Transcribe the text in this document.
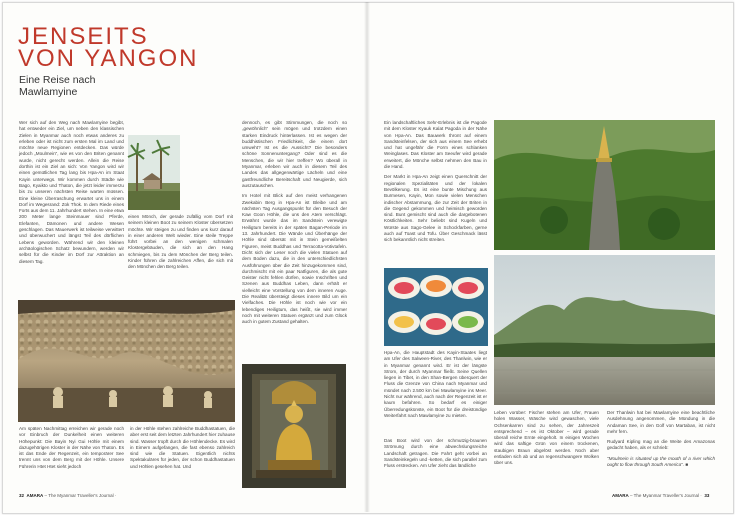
JENSEITS
VON YANGON
Eine Reise nach
Mawlamyine

Wer sich auf den Weg nach Mawlamyine begibt, hat entweder ein Ziel, um neben den klassischen Zielen in Myanmar auch noch etwas anderes zu erleben oder ist nicht zum ersten Mal im Land und möchte neue Regionen entdecken. Das würde jedoch „Moulmein“, wie es von den Briten genannt wurde, nicht gerecht werden. Allein die Reise dorthin ist ein Ziel an sich: Von Yangon wird wir einen gemütlichen Tag lang bis Hpa-An im Staat Kayin unterwegs. Wir kommen durch Städte wie Bago, Kyaikto und Thaton, die jetzt leider immerzu bis zu unseren nächsten Reise warten müssen. Eine kleine Überraschung erwartet uns in einem Dorf im Wegesrand: Zok Thok. In dem Riede eines Forts aus dem 11. Jahrhundert stehen. In eine etwa 200 Meter lange Steinmauer sind Pferde, Elefanten, Dämonen und andere Wesen geschlagen. Das Mauerwerk ist teilweise verwittert und überwuchert und längst Teil des dörflichen Lebens geworden. Während wir den kleinen archäologischen Schatz bewundern, werden wir selbst für die Kinder im Dorf zur Attraktion an diesem Tag.

einen Mönch, der gerade zufällig vom Dorf mit seinem kleinen Boot zu seinem Kloster übersetzen möchte. Wir steigen zu und finden uns kurz darauf in einer anderen Welt wieder. Eine steile Treppe führt vorbei an den wenigen schmalen Klostergebäuden, die sich an den Hang schmiegen, bis zu dem Mönchen der Berg teilen. Kinder führen die zahlreichen Affen, die sich mit den Mönchen den Berg teilen.

Am späten Nachmittag erreichen wir gerade noch vor Einbruch der Dunkelheit einen weiteren Höhepunkt: Die Bayin Nyi Gui Höhle mit einem dazugehörigen Kloster in der Nähe von Thaton. Es ist das Ende der Regenzeit, ein temporärer See trennt uns von dem Berg mit der Höhle. Unsere Führerin Htet Htet sieht jedoch

in der Höhle stehen zahlreiche Buddhastatuen, die aber erst seit dem letzten Jahrhundert hier zuhause sind. Wasser tropft durch die Höhlendecke. Es wird in Eimern aufgefangen, die fast ebenso zahlreich sind wie die Statuen. Eigentlich nichts Spektakuläres für jeden, der schon Buddhastatuen und Höhlen gesehen hat. Und

dennoch, es gibt Stimmungen, die noch so „gewöhnlich“ sein mögen und trotzdem einen starken Eindruck hinterlassen. Ist es wegen der buddhistischen Friedlichkeit, die einem dort umweht? Ist es die Aussicht? Die besonders schöne Sonnenuntergang? Oder sind es die Menschen, die wir hier treffen? Wo überall in Myanmar, erleben wir auch in diesem Teil des Landes das allgegenwärtige Lächeln und eine gastfreundliche Bereitschaft und Neugierde, sich auszutauschen.

Im Hotel mit Blick auf den meist verhangenen Zwekabin Berg in Hpa-An ist Bleibe und am nächsten Tag Ausgangspunkt für den Besuch der Kaw Goon Höhle, die uns den Atem verschlägt. Erwähnt wurde das im Sandstein verewigte Heiligtum bereits in der späten Bagan-Periode im 13. Jahrhundert. Die Wände und Überhänge der Höhle sind übersät mit in Stein gemeißelten Figuren, meist Buddhas und Terracotta-Votivtafeln. Dicht sich der Leser noch die vielen Statuen auf dem Boden dazu, die in den unterschiedlichsten Ausführungen über die Zeit hinzugekommen sind, durchmischt mit ein paar Natfiguren, die als gute Geister nicht fehlen dürfen, sowie Inschriften und Szenen aus Buddhas Leben, dann erhält er vielleicht eine Vorstellung von dem inneren Auge. Die Realität übersteigt dieses innere Bild um ein Vielfaches. Die Höhle ist noch wie vor ein lebendiges Heiligtum, das heißt, sie wird immer noch mit weiteren Statuen ergänzt und zum Glück auch in gutem Zustand gehalten.

Ein landschaftliches Sehr-Erlebnis ist die Pagode mit dem Kloster Kyauk Kalat Pagoda in der Nähe von Hpa-An. Das Bauwerk thront auf einem Sandsteinfelsen, der sich aus einem See erhebt und hat ungefähr die Form eines schlanken Weinglases. Das Kloster am Seeufer wird gerade erweitert, die Mönche selbst nehmen den Bau in die Hand.

Der Markt in Hpa-An zeigt einen Querschnitt der regionalen Spezialitäten und der lokalen Bevölkerung. Es ist eine bunte Mischung aus Burmesen, Kayin, Mon sowie vielen Menschen indischer Abstammung, die zur Zeit der Briten in die Gegend gekommen und heimisch geworden sind. Bunt gemischt sind auch die dargebotenen Köstlichkeiten. Sehr beliebt sind Kugeln und Würste aus Sago-Gelee in Schockfarben, gerne auch auf Toast und Tofu. Über Geschmack lässt sich bekanntlich nicht streiten.

Hpa-An, die Hauptstadt des Kayin-Staates liegt am Ufer des Salween-River, des Thanlwin, wie er in Myanmar genannt wird. Er ist der längste Strom, der durch Myanmar fließt. Seine Quellen liegen in Tibet, in den Shan-Bergen überquert der Fluss die Grenze von China nach Myanmar und mündet nach 2.500 km bei Mawlamyine ins Meer. Nicht nur während, auch nach der Regenzeit ist er kaum befahren. So bedarf es einiger Überredungskünste, ein Boot für die dreistündige Weiterfahrt nach Mawlamyine zu mieten.

Das Boot wird von der schmutzig-braunen Strömung durch eine abwechslungsreiche Landschaft getragen. Die Fahrt geht vorbei an Sandsteinkegeln und -ketten, die sich parallel zum Fluss erstrecken. Am Ufer zieht das ländliche

Leben vorüber: Fischer stehen am Ufer, Frauen holen Wasser, Wäsche wird gewaschen, viele Ochsenkarren sind zu sehen, der Jahreszeit entsprechend – es ist Oktober – wird gerade überall reiche Ernte eingeholt. In einigen Wochen wird das saftige Grün von einem trockenen, staubigen Braun abgelöst werden. Noch aber entladen sich ab und an regenschwangere Wolken über uns.

Der Thanlwin hat bei Mawlamyine eine beachtliche Ausdehnung angenommen, die Mündung in die Andaman See, in den Golf von Martaban, ist nicht mehr fern.

Rudyard Kipling mag an die Weite des Amazonas gedacht haben, als er schrieb:

"Moulmein is situated up the mouth of a river which ought to flow through South America". ■

32 AMARA – The Myanmar Traveller's Journal ·	AMARA – The Myanmar Traveller's Journal · 33
